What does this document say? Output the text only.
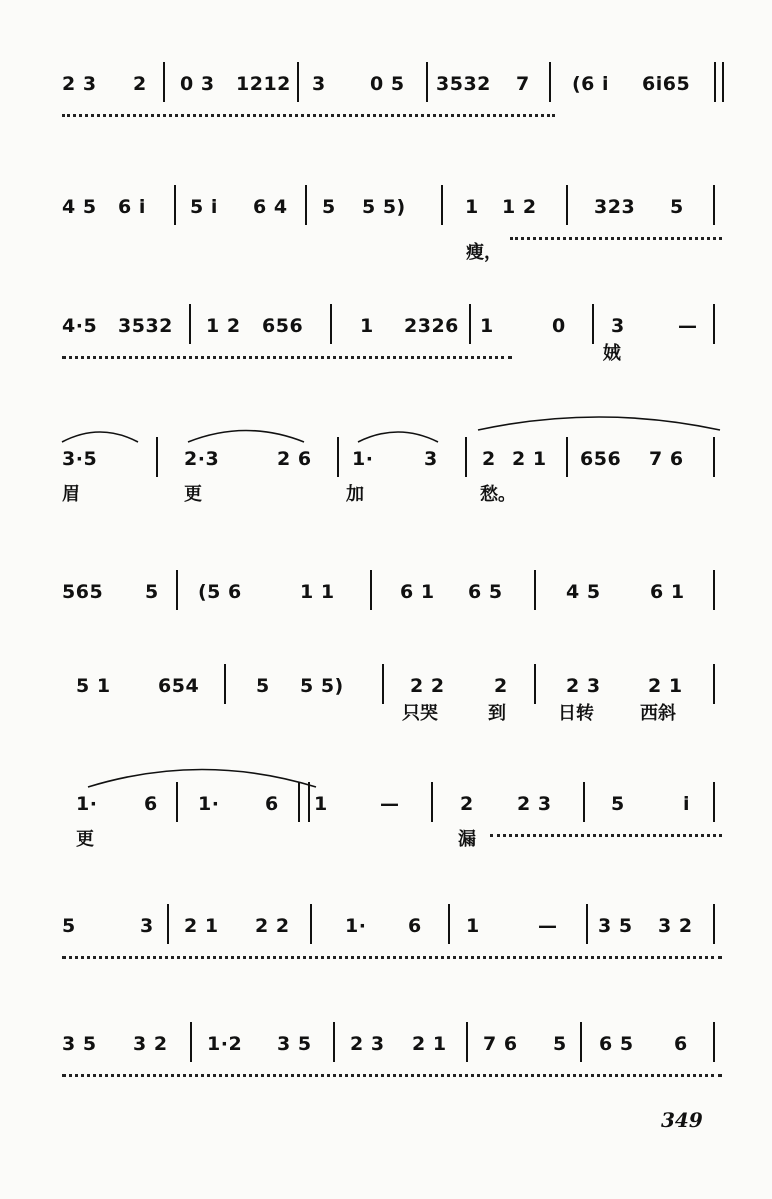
2 3 2 0 3 1212 3 0 5 3532 7 (6 i 6i65
4 5 6 i 5 i 6 4 5 5 5)	1 1 2	323 5
瘦，
4·5 3532 1 2 656	1 2326 1	0 3	—
娀
3·5	2·3	2 6 1·	3 2 2 1 656 7 6
眉	更	加	愁。
565 5 (5 6	1 1	6 1 6 5	4 5	6 1
5 1 654	5 5 5)	2 2	2	2 3 2 1
只哭	到	日转	西斜
1· 6 1· 6 1	—	2 2 3	5	i
更	漏
5	3 2 1 2 2	1· 6 1	— 3 5 3 2
3 5 3 2 1·2 3 5 2 3 2 1 7 6 5 6 5 6
349
